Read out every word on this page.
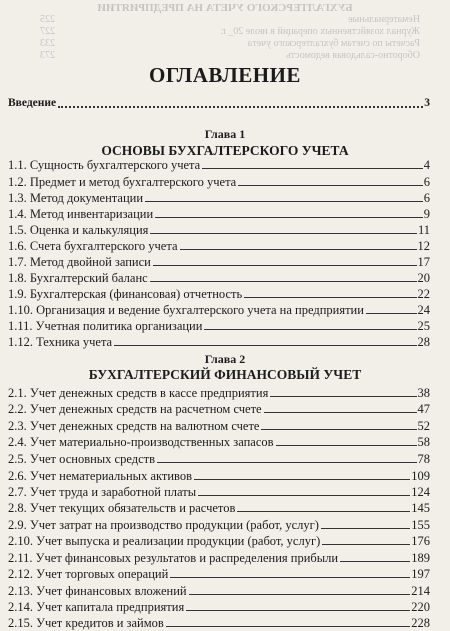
БУХГАЛТЕРСКОГО УЧЕТА НА ПРЕДПРИЯТИИ
Нематериальные
225
Журнал хозяйственных операций в июле 20_ г.
227
Расчеты по счетам бухгалтерского учета
233
Оборотно-сальдовая ведомость
273
ОГЛАВЛЕНИЕ
Введение	3
Глава 1
ОСНОВЫ БУХГАЛТЕРСКОГО УЧЕТА
1.1. Сущность бухгалтерского учета	4
1.2. Предмет и метод бухгалтерского учета	6
1.3. Метод документации	6
1.4. Метод инвентаризации	9
1.5. Оценка и калькуляция	11
1.6. Счета бухгалтерского учета	12
1.7. Метод двойной записи	17
1.8. Бухгалтерский баланс	20
1.9. Бухгалтерская (финансовая) отчетность	22
1.10. Организация и ведение бухгалтерского учета на предприятии	24
1.11. Учетная политика организации	25
1.12. Техника учета	28
Глава 2
БУХГАЛТЕРСКИЙ ФИНАНСОВЫЙ УЧЕТ
2.1. Учет денежных средств в кассе предприятия	38
2.2. Учет денежных средств на расчетном счете	47
2.3. Учет денежных средств на валютном счете	52
2.4. Учет материально-производственных запасов	58
2.5. Учет основных средств	78
2.6. Учет нематериальных активов	109
2.7. Учет труда и заработной платы	124
2.8. Учет текущих обязательств и расчетов	145
2.9. Учет затрат на производство продукции (работ, услуг)	155
2.10. Учет выпуска и реализации продукции (работ, услуг)	176
2.11. Учет финансовых результатов и распределения прибыли	189
2.12. Учет торговых операций	197
2.13. Учет финансовых вложений	214
2.14. Учет капитала предприятия	220
2.15. Учет кредитов и займов	228
